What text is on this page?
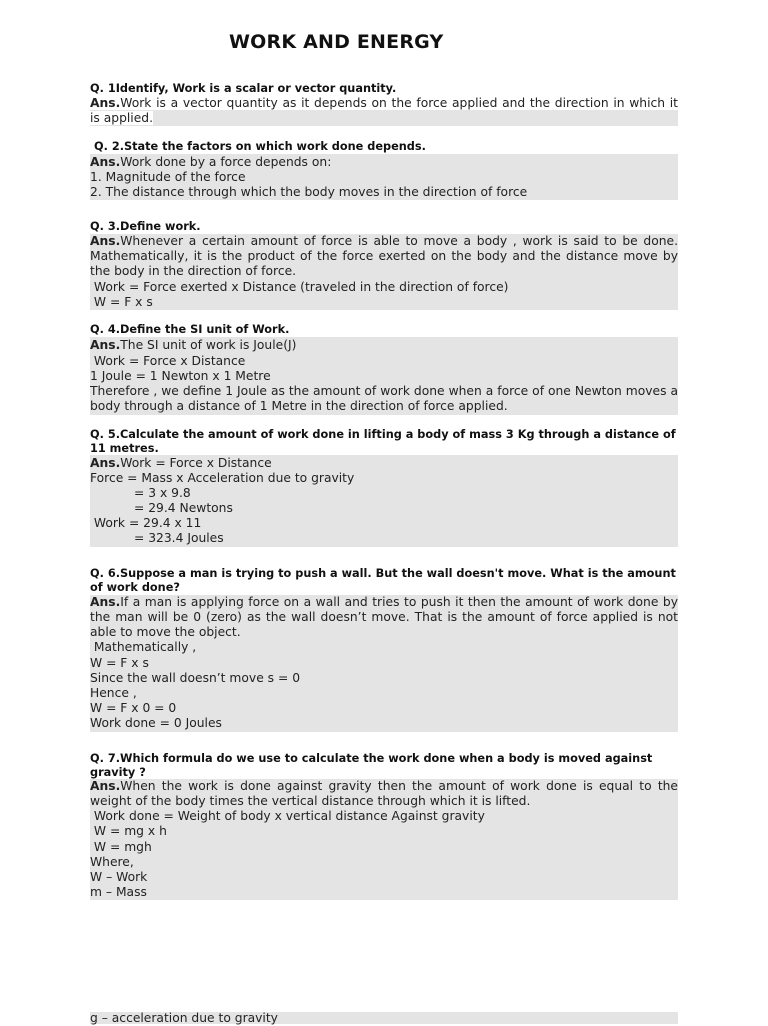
WORK AND ENERGY
Q. 1Identify, Work is a scalar or vector quantity.
Ans.Work is a vector quantity as it depends on the force applied and the direction in which it is applied.
Q. 2.State the factors on which work done depends.
Ans.Work done by a force depends on:
1. Magnitude of the force
2. The distance through which the body moves in the direction of force
Q. 3.Define work.
Ans.Whenever a certain amount of force is able to move a body , work is said to be done. Mathematically, it is the product of the force exerted on the body and the distance move by the body in the direction of force.
Work = Force exerted x Distance (traveled in the direction of force)
W = F x s
Q. 4.Define the SI unit of Work.
Ans.The SI unit of work is Joule(J)
Work = Force x Distance
1 Joule = 1 Newton x 1 Metre
Therefore , we define 1 Joule as the amount of work done when a force of one Newton moves a body through a distance of 1 Metre in the direction of force applied.
Q. 5.Calculate the amount of work done in lifting a body of mass 3 Kg through a distance of 11 metres.
Ans.Work = Force x Distance
Force = Mass x Acceleration due to gravity
= 3 x 9.8
= 29.4 Newtons
Work = 29.4 x 11
= 323.4 Joules
Q. 6.Suppose a man is trying to push a wall. But the wall doesn't move. What is the amount of work done?
Ans.If a man is applying force on a wall and tries to push it then the amount of work done by the man will be 0 (zero) as the wall doesn’t move. That is the amount of force applied is not able to move the object.
Mathematically ,
W = F x s
Since the wall doesn’t move s = 0
Hence ,
W = F x 0 = 0
Work done = 0 Joules
Q. 7.Which formula do we use to calculate the work done when a body is moved against gravity ?
Ans.When the work is done against gravity then the amount of work done is equal to the weight of the body times the vertical distance through which it is lifted.
Work done = Weight of body x vertical distance Against gravity
W = mg x h
W = mgh
Where,
W – Work
m – Mass
g – acceleration due to gravity
